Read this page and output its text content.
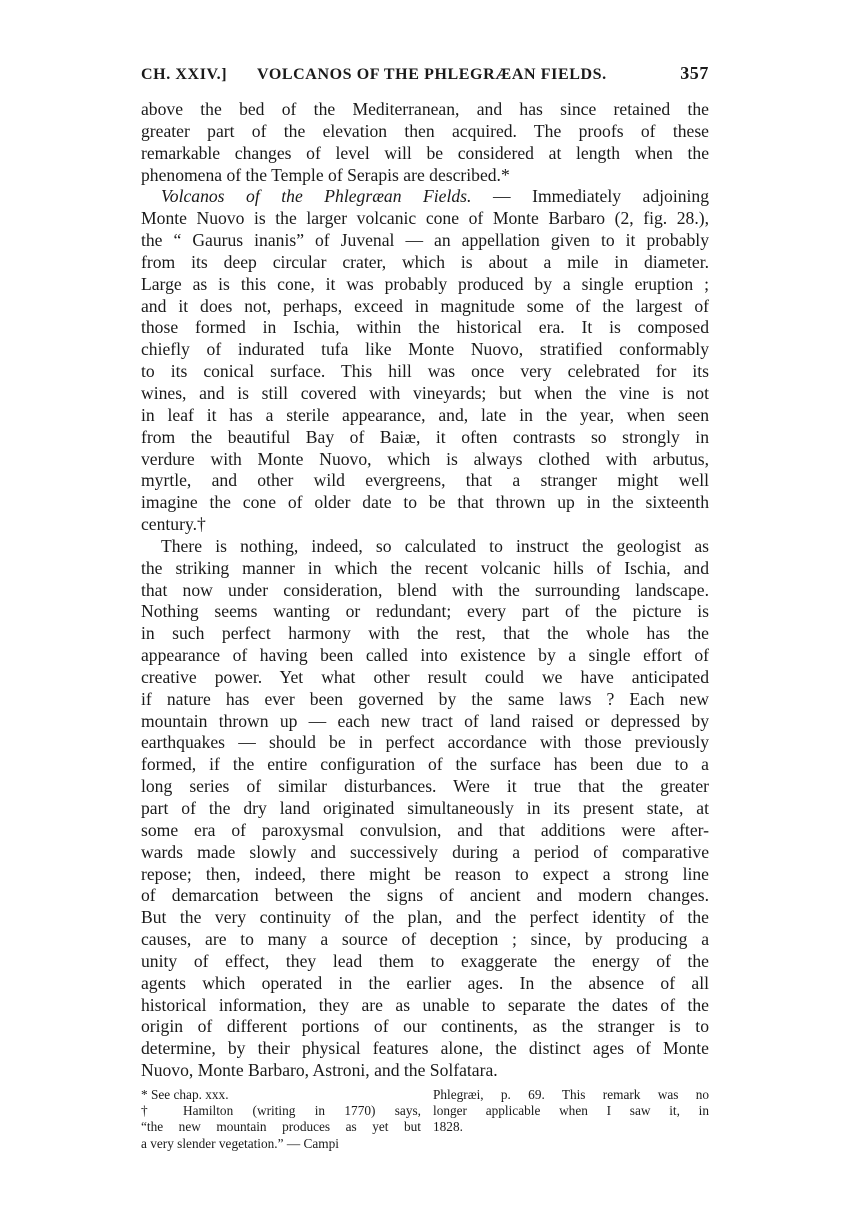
CH. XXIV.] VOLCANOS OF THE PHLEGRÆAN FIELDS.	357

above the bed of the Mediterranean, and has since retained the
greater part of the elevation then acquired. The proofs of these
remarkable changes of level will be considered at length when the
phenomena of the Temple of Serapis are described.*

Volcanos of the Phlegræan Fields. — Immediately adjoining
Monte Nuovo is the larger volcanic cone of Monte Barbaro (2, fig. 28.),
the “ Gaurus inanis” of Juvenal — an appellation given to it probably
from its deep circular crater, which is about a mile in diameter.
Large as is this cone, it was probably produced by a single eruption ;
and it does not, perhaps, exceed in magnitude some of the largest of
those formed in Ischia, within the historical era. It is composed
chiefly of indurated tufa like Monte Nuovo, stratified conformably
to its conical surface. This hill was once very celebrated for its
wines, and is still covered with vineyards; but when the vine is not
in leaf it has a sterile appearance, and, late in the year, when seen
from the beautiful Bay of Baiæ, it often contrasts so strongly in
verdure with Monte Nuovo, which is always clothed with arbutus,
myrtle, and other wild evergreens, that a stranger might well
imagine the cone of older date to be that thrown up in the sixteenth
century.†

There is nothing, indeed, so calculated to instruct the geologist as
the striking manner in which the recent volcanic hills of Ischia, and
that now under consideration, blend with the surrounding landscape.
Nothing seems wanting or redundant; every part of the picture is
in such perfect harmony with the rest, that the whole has the
appearance of having been called into existence by a single effort of
creative power. Yet what other result could we have anticipated
if nature has ever been governed by the same laws ? Each new
mountain thrown up — each new tract of land raised or depressed by
earthquakes — should be in perfect accordance with those previously
formed, if the entire configuration of the surface has been due to a
long series of similar disturbances. Were it true that the greater
part of the dry land originated simultaneously in its present state, at
some era of paroxysmal convulsion, and that additions were after-
wards made slowly and successively during a period of comparative
repose; then, indeed, there might be reason to expect a strong line
of demarcation between the signs of ancient and modern changes.
But the very continuity of the plan, and the perfect identity of the
causes, are to many a source of deception ; since, by producing a
unity of effect, they lead them to exaggerate the energy of the
agents which operated in the earlier ages. In the absence of all
historical information, they are as unable to separate the dates of the
origin of different portions of our continents, as the stranger is to
determine, by their physical features alone, the distinct ages of Monte
Nuovo, Monte Barbaro, Astroni, and the Solfatara.

* See chap. xxx.
† Hamilton (writing in 1770) says,
“the new mountain produces as yet but
a very slender vegetation.” — Campi
Phlegræi, p. 69. This remark was no
longer applicable when I saw it, in
1828.
